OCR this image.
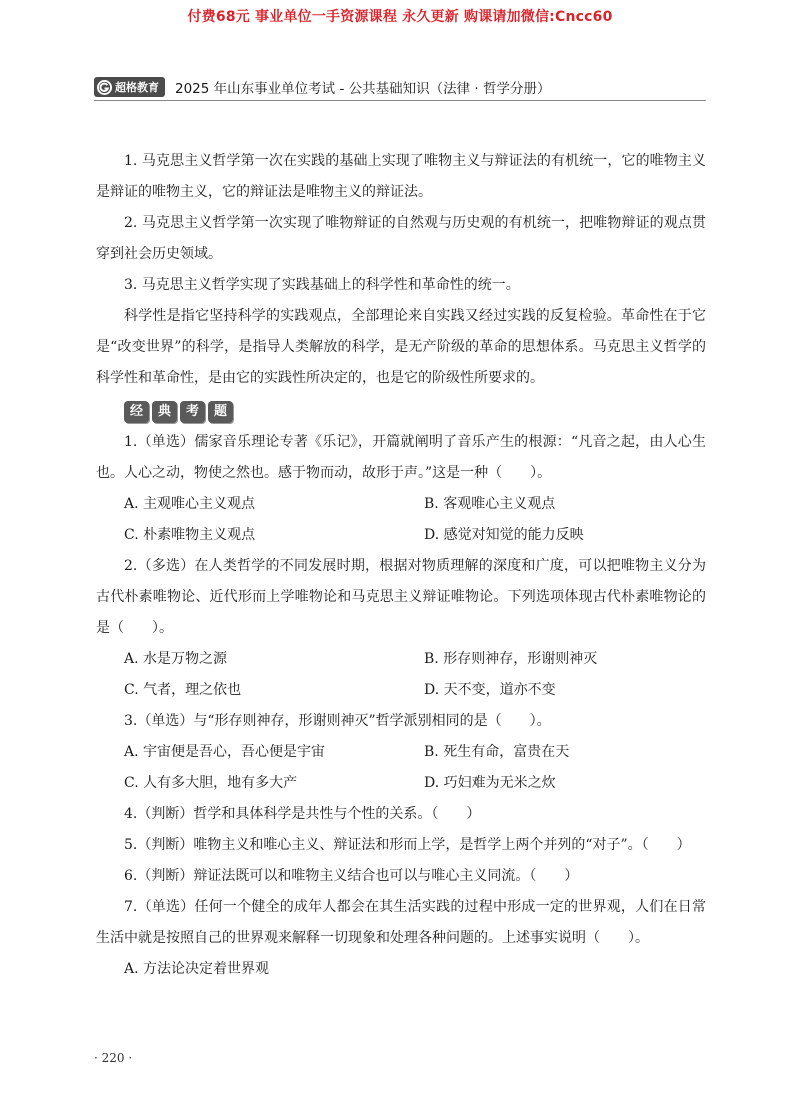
付费68元 事业单位一手资源课程 永久更新 购课请加微信:Cncc60
超格教育 2025 年山东事业单位考试 - 公共基础知识（法律 · 哲学分册）

1. 马克思主义哲学第一次在实践的基础上实现了唯物主义与辩证法的有机统一，它的唯物主义是辩证的唯物主义，它的辩证法是唯物主义的辩证法。

2. 马克思主义哲学第一次实现了唯物辩证的自然观与历史观的有机统一，把唯物辩证的观点贯穿到社会历史领域。

3. 马克思主义哲学实现了实践基础上的科学性和革命性的统一。

科学性是指它坚持科学的实践观点，全部理论来自实践又经过实践的反复检验。革命性在于它是“改变世界”的科学，是指导人类解放的科学，是无产阶级的革命的思想体系。马克思主义哲学的科学性和革命性，是由它的实践性所决定的，也是它的阶级性所要求的。

经	典	考	题

1.（单选）儒家音乐理论专著《乐记》，开篇就阐明了音乐产生的根源：“凡音之起，由人心生也。人心之动，物使之然也。感于物而动，故形于声。”这是一种（　　）。

A. 主观唯心主义观点	B. 客观唯心主义观点
C. 朴素唯物主义观点	D. 感觉对知觉的能力反映

2.（多选）在人类哲学的不同发展时期，根据对物质理解的深度和广度，可以把唯物主义分为古代朴素唯物论、近代形而上学唯物论和马克思主义辩证唯物论。下列选项体现古代朴素唯物论的是（　　）。

A. 水是万物之源	B. 形存则神存，形谢则神灭
C. 气者，理之依也	D. 天不变，道亦不变

3.（单选）与“形存则神存，形谢则神灭”哲学派别相同的是（　　）。

A. 宇宙便是吾心，吾心便是宇宙	B. 死生有命，富贵在天
C. 人有多大胆，地有多大产	D. 巧妇难为无米之炊

4.（判断）哲学和具体科学是共性与个性的关系。（　　）

5.（判断）唯物主义和唯心主义、辩证法和形而上学，是哲学上两个并列的“对子”。（　　）

6.（判断）辩证法既可以和唯物主义结合也可以与唯心主义同流。（　　）

7.（单选）任何一个健全的成年人都会在其生活实践的过程中形成一定的世界观，人们在日常生活中就是按照自己的世界观来解释一切现象和处理各种问题的。上述事实说明（　　）。

A. 方法论决定着世界观

· 220 ·
